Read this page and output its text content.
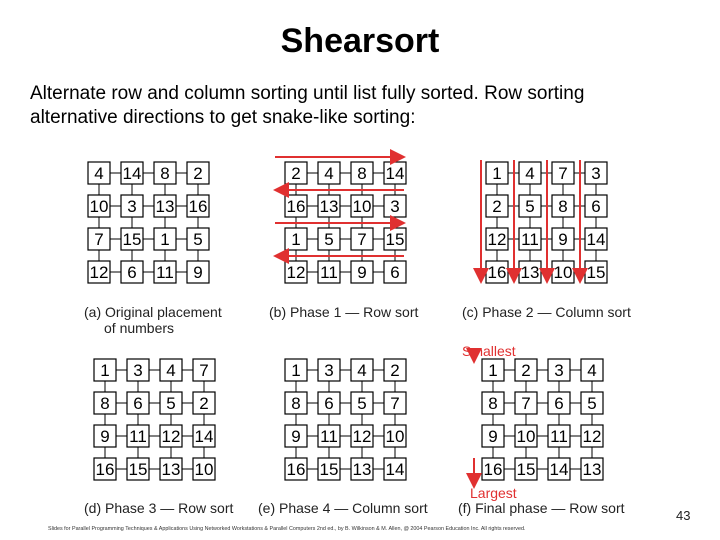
Shearsort
Alternate row and column sorting until list fully sorted. Row sorting
alternative directions to get snake-like sorting:
4 14 8 2
10 3 13 16
7 15 1 5
12 6 11 9
2 4 8 14
16 13 10 3
1 5 7 15
12 11 9 6
1 4 7 3
2 5 8 6
12 11 9 14
16 13 10 15
1 3 4 7
8 6 5 2
9 11 12 14
16 15 13 10
1 3 4 2
8 6 5 7
9 11 12 10
16 15 13 14
1 2 3 4
8 7 6 5
9 10 11 12
16 15 14 13
(a) Original placement
of numbers
(b) Phase 1 — Row sort	(c) Phase 2 — Column sort
(d) Phase 3 — Row sort (e) Phase 4 — Column sort (f) Final phase — Row sort
Smallest
Largest
43
Slides for Parallel Programming Techniques & Applications Using Networked Workstations & Parallel Computers 2nd ed., by B. Wilkinson & M. Allen, @ 2004 Pearson Education Inc. All rights reserved.
